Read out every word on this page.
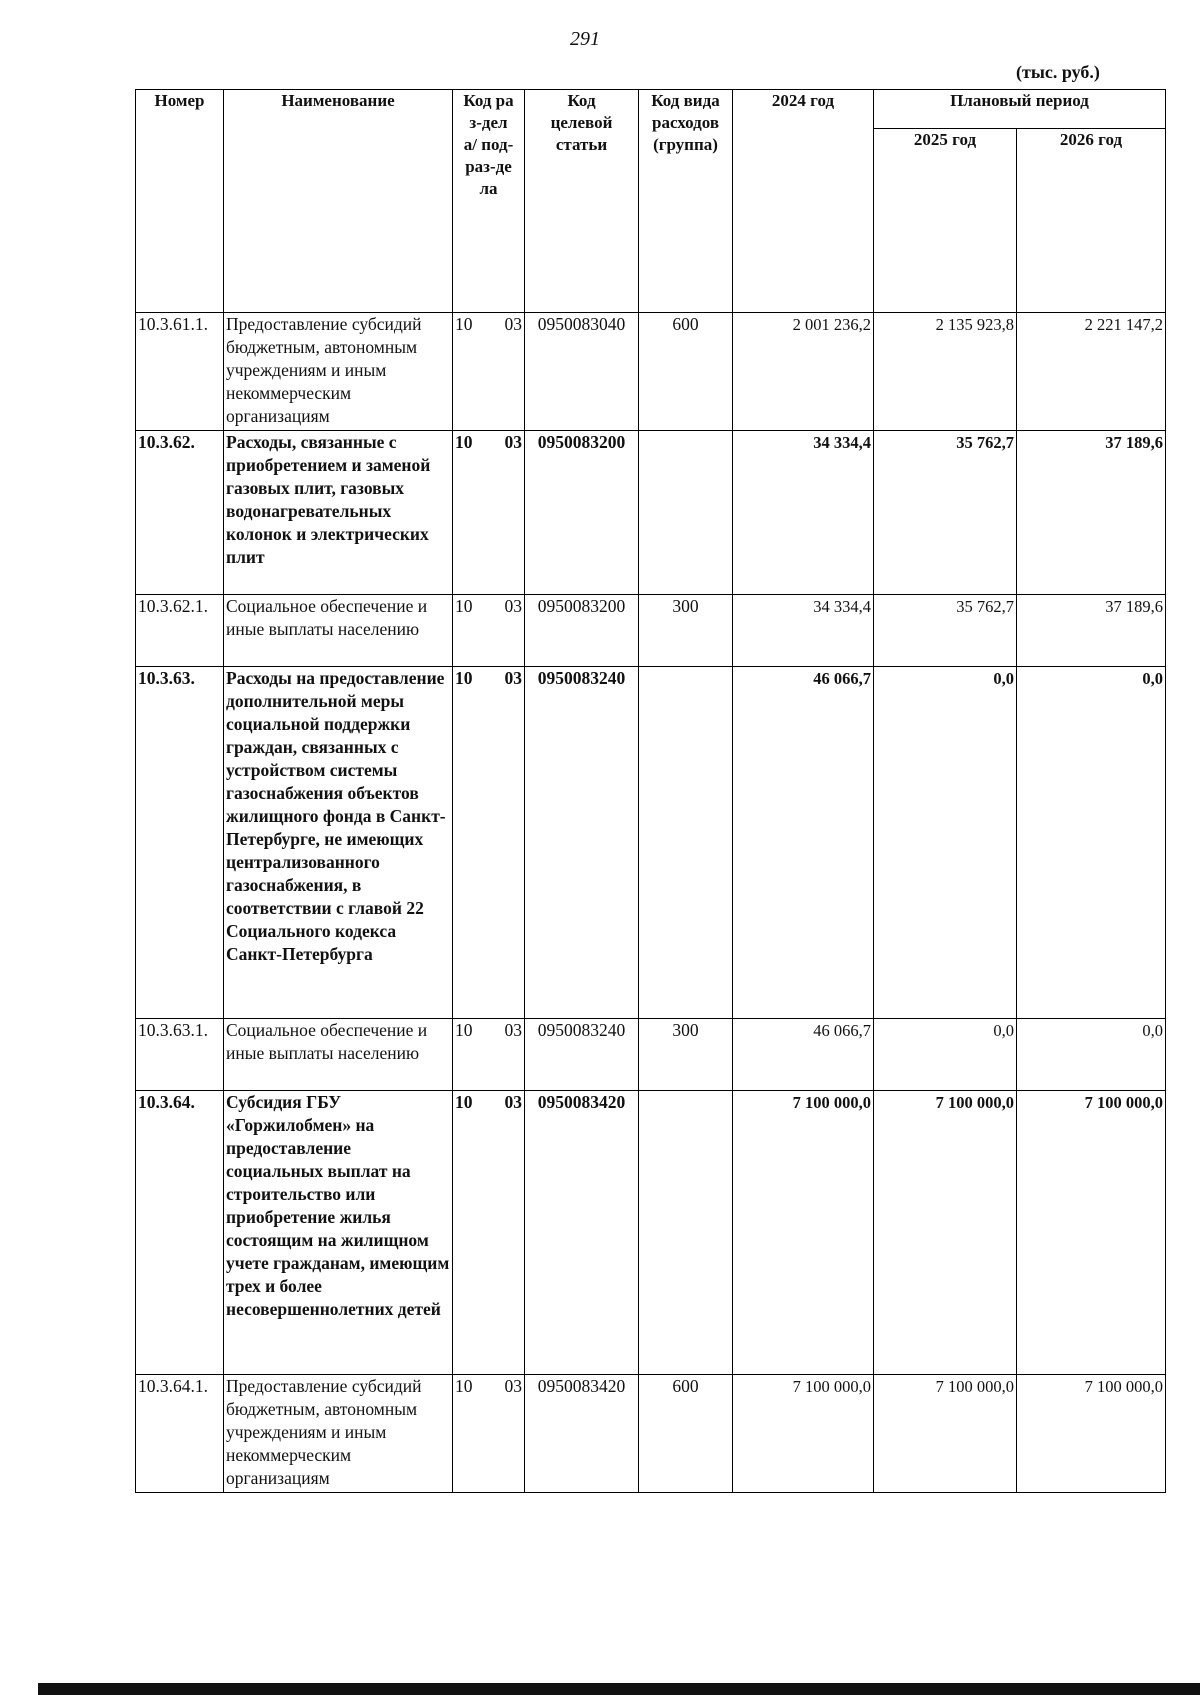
291
(тыс. руб.)
Номер	Наименование	Код раз-дела/ под-раз-дела	Код целевой статьи	Код вида расходов (группа)	2024 год	Плановый период	
						2025 год	2026 год
10.3.61.1.	Предоставление субсидий бюджетным, автономным учреждениям и иным некоммерческим организациям	10 03	0950083040	600	2 001 236,2	2 135 923,8	2 221 147,2
10.3.62.	Расходы, связанные с приобретением и заменой газовых плит, газовых водонагревательных колонок и электрических плит	10 03	0950083200		34 334,4	35 762,7	37 189,6
10.3.62.1.	Социальное обеспечение и иные выплаты населению	10 03	0950083200	300	34 334,4	35 762,7	37 189,6
10.3.63.	Расходы на предоставление дополнительной меры социальной поддержки граждан, связанных с устройством системы газоснабжения объектов жилищного фонда в Санкт-Петербурге, не имеющих централизованного газоснабжения, в соответствии с главой 22 Социального кодекса Санкт-Петербурга	10 03	0950083240		46 066,7	0,0	0,0
10.3.63.1.	Социальное обеспечение и иные выплаты населению	10 03	0950083240	300	46 066,7	0,0	0,0
10.3.64.	Субсидия ГБУ «Горжилобмен» на предоставление социальных выплат на строительство или приобретение жилья состоящим на жилищном учете гражданам, имеющим трех и более несовершеннолетних детей	10 03	0950083420		7 100 000,0	7 100 000,0	7 100 000,0
10.3.64.1.	Предоставление субсидий бюджетным, автономным учреждениям и иным некоммерческим организациям	10 03	0950083420	600	7 100 000,0	7 100 000,0	7 100 000,0
